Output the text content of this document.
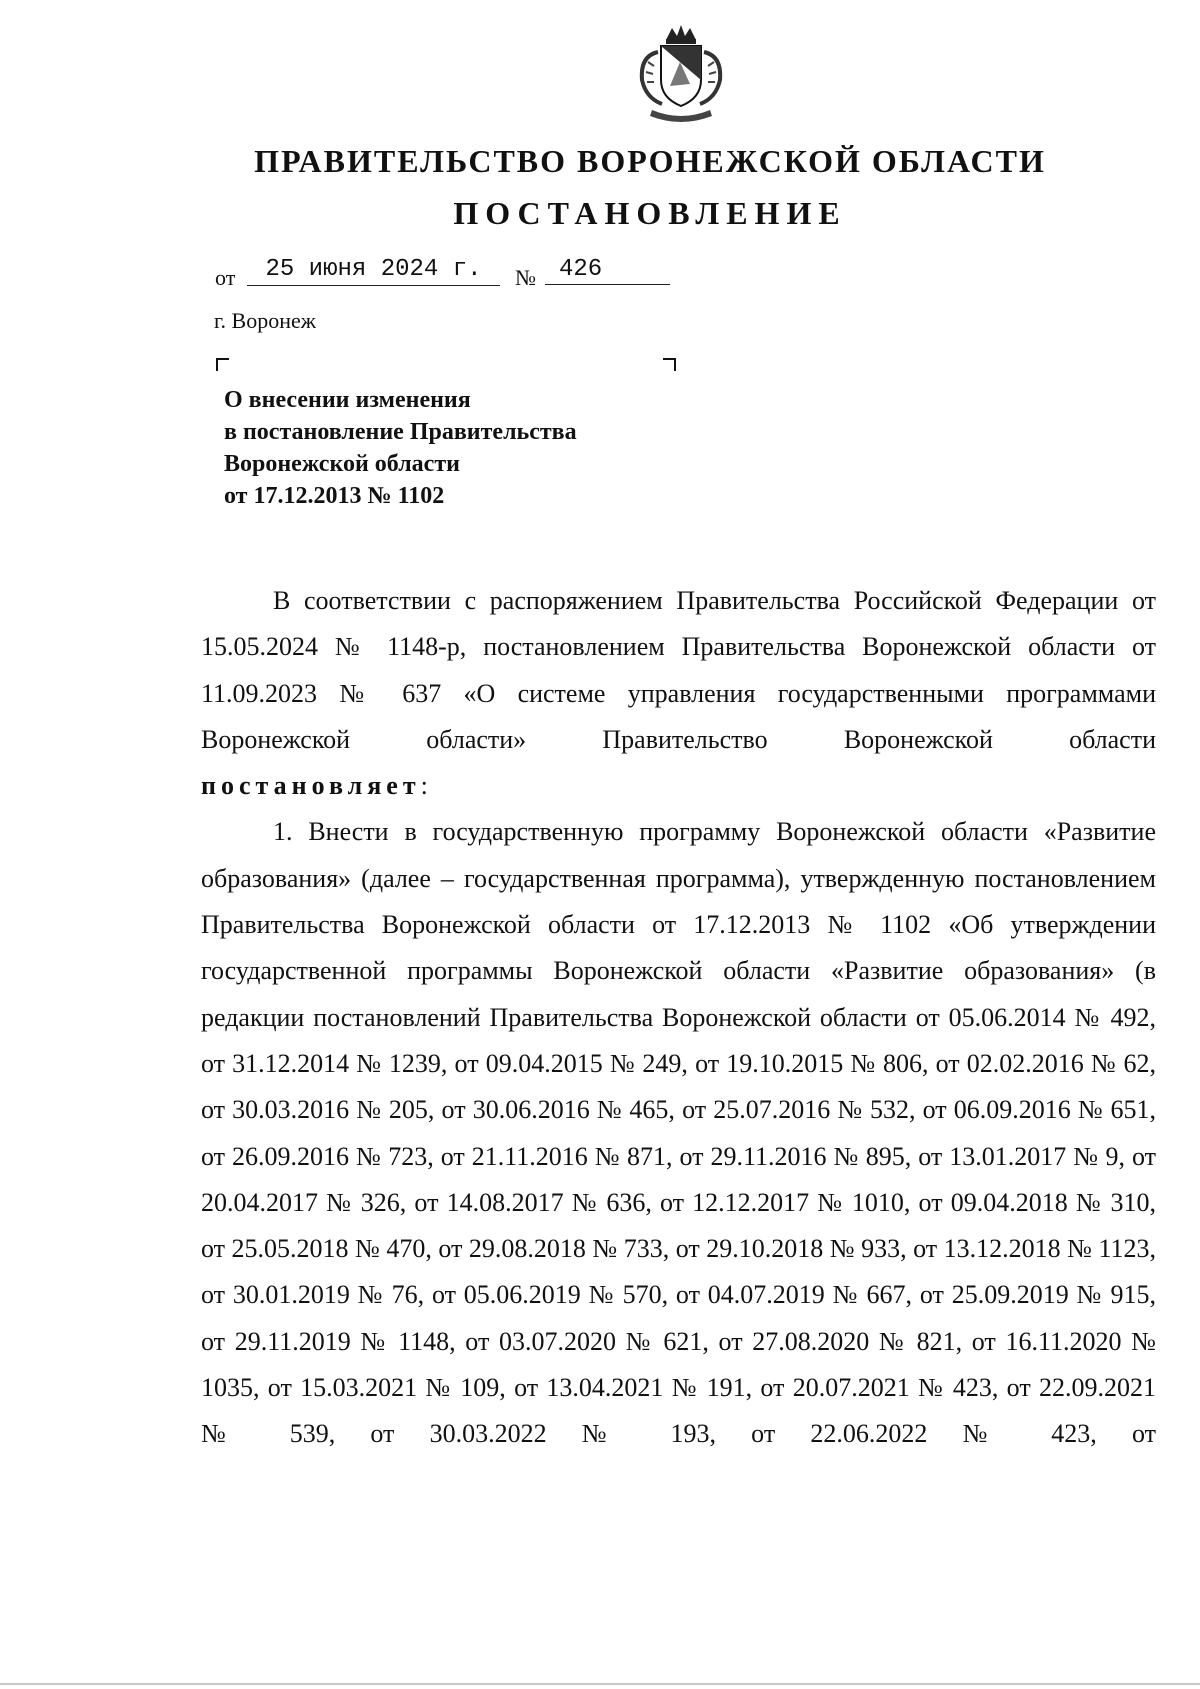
ПРАВИТЕЛЬСТВО ВОРОНЕЖСКОЙ ОБЛАСТИ
ПОСТАНОВЛЕНИЕ
от	25 июня 2024 г.	№ 426
г. Воронеж
О внесении изменения
в постановление Правительства
Воронежской области
от 17.12.2013 № 1102

В соответствии с распоряжением Правительства Российской Федерации от 15.05.2024 № 1148-р, постановлением Правительства Воронежской области от 11.09.2023 № 637 «О системе управления государственными программами Воронежской области» Правительство Воронежской области

постановляет:

1. Внести в государственную программу Воронежской области «Развитие образования» (далее – государственная программа), утвержденную постановлением Правительства Воронежской области от 17.12.2013 № 1102 «Об утверждении государственной программы Воронежской области «Развитие образования» (в редакции постановлений Правительства Воронежской области от 05.06.2014 № 492, от 31.12.2014 № 1239, от 09.04.2015 № 249, от 19.10.2015 № 806, от 02.02.2016 № 62, от 30.03.2016 № 205, от 30.06.2016 № 465, от 25.07.2016 № 532, от 06.09.2016 № 651, от 26.09.2016 № 723, от 21.11.2016 № 871, от 29.11.2016 № 895, от 13.01.2017 № 9, от 20.04.2017 № 326, от 14.08.2017 № 636, от 12.12.2017 № 1010, от 09.04.2018 № 310, от 25.05.2018 № 470, от 29.08.2018 № 733, от 29.10.2018 № 933, от 13.12.2018 № 1123, от 30.01.2019 № 76, от 05.06.2019 № 570, от 04.07.2019 № 667, от 25.09.2019 № 915, от 29.11.2019 № 1148, от 03.07.2020 № 621, от 27.08.2020 № 821, от 16.11.2020 № 1035, от 15.03.2021 № 109, от 13.04.2021 № 191, от 20.07.2021 № 423, от 22.09.2021 № 539, от 30.03.2022 № 193, от 22.06.2022 № 423, от
